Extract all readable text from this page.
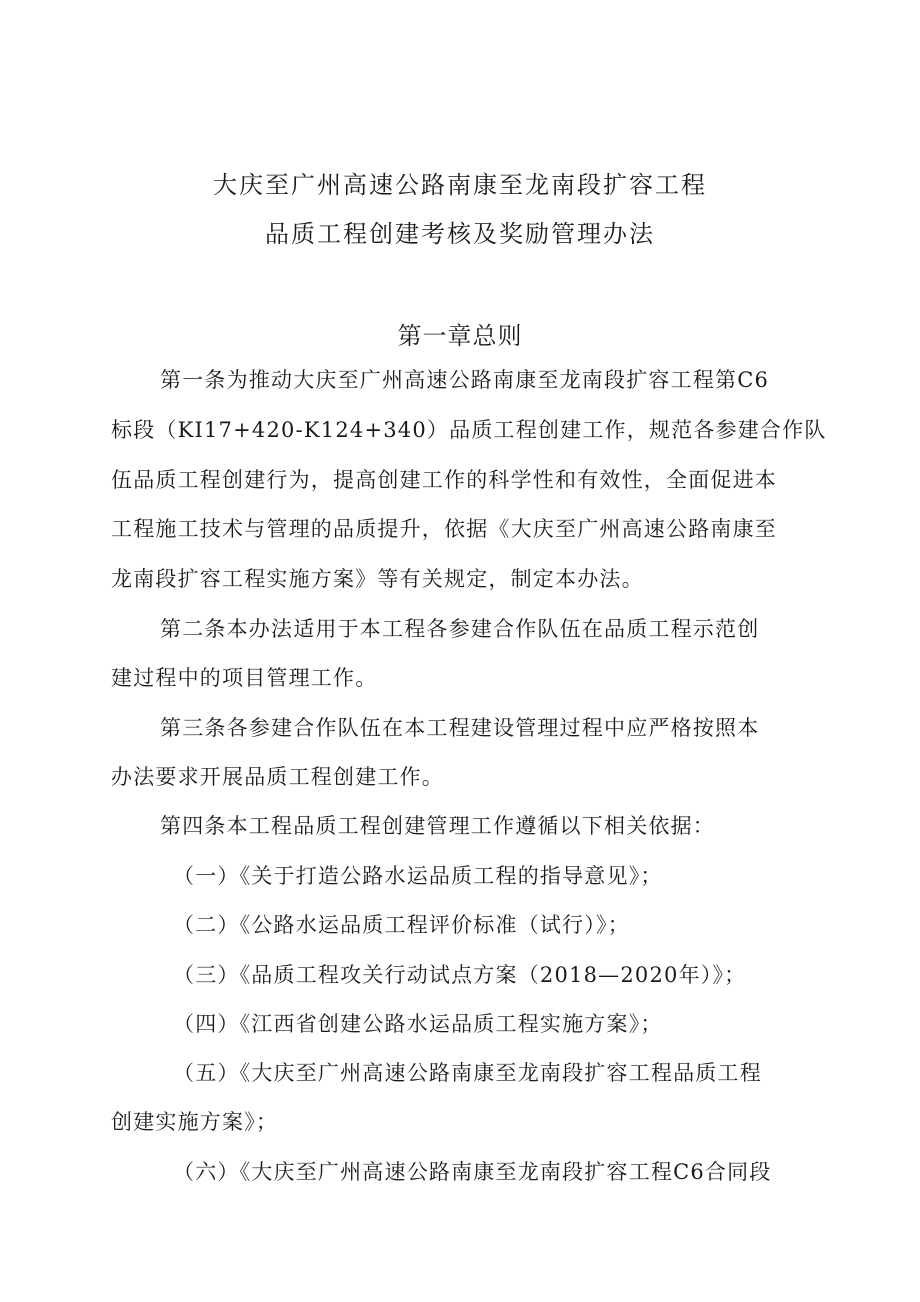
大庆至广州高速公路南康至龙南段扩容工程
品质工程创建考核及奖励管理办法
第一章总则
第一条为推动大庆至广州高速公路南康至龙南段扩容工程第C6
标段（KI17+420-K124+340）品质工程创建工作，规范各参建合作队
伍品质工程创建行为，提高创建工作的科学性和有效性，全面促进本
工程施工技术与管理的品质提升，依据《大庆至广州高速公路南康至
龙南段扩容工程实施方案》等有关规定，制定本办法。
第二条本办法适用于本工程各参建合作队伍在品质工程示范创
建过程中的项目管理工作。
第三条各参建合作队伍在本工程建设管理过程中应严格按照本
办法要求开展品质工程创建工作。
第四条本工程品质工程创建管理工作遵循以下相关依据：
（一）《关于打造公路水运品质工程的指导意见》；
（二）《公路水运品质工程评价标准（试行）》；
（三）《品质工程攻关行动试点方案（2018—2020年）》；
（四）《江西省创建公路水运品质工程实施方案》；
（五）《大庆至广州高速公路南康至龙南段扩容工程品质工程
创建实施方案》；
（六）《大庆至广州高速公路南康至龙南段扩容工程C6合同段
